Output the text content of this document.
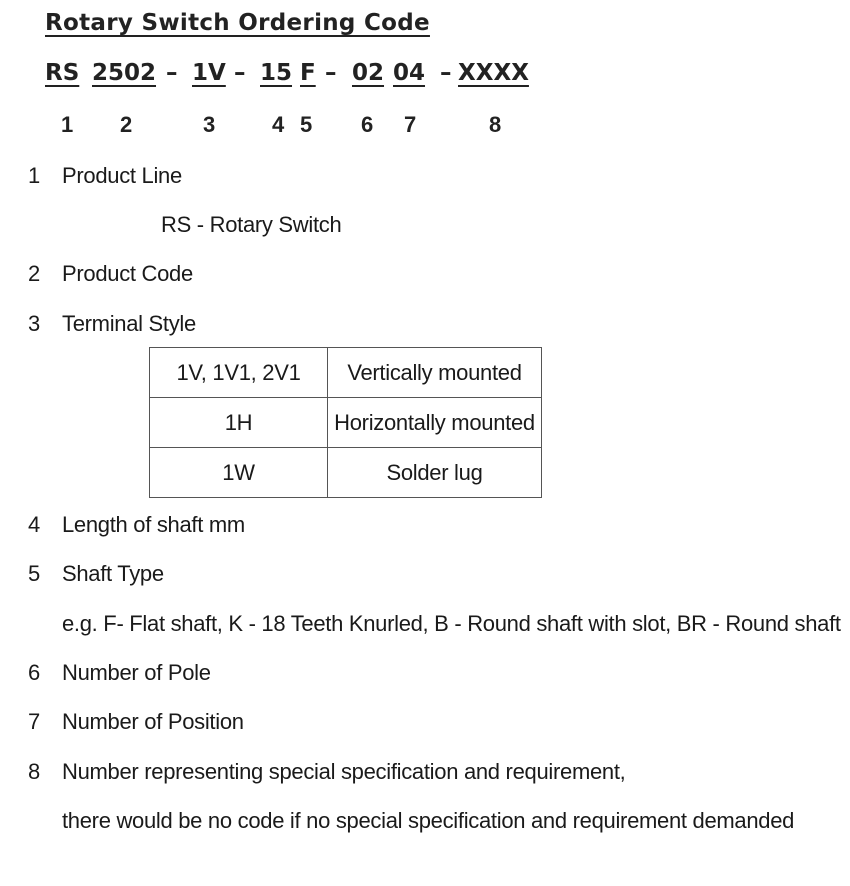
Rotary Switch Ordering Code
RS 2502 – 1V – 15 F – 02 04 – XXXX
1 2	3	4 5 6 7	8
1 Product Line
RS - Rotary Switch
2 Product Code
3 Terminal Style
1V, 1V1, 2V1	Vertically mounted
1H	Horizontally mounted
1W	Solder lug
4 Length of shaft mm
5 Shaft Type
e.g. F- Flat shaft, K - 18 Teeth Knurled, B - Round shaft with slot, BR - Round shaft
6 Number of Pole
7 Number of Position
8 Number representing special specification and requirement,
there would be no code if no special specification and requirement demanded
